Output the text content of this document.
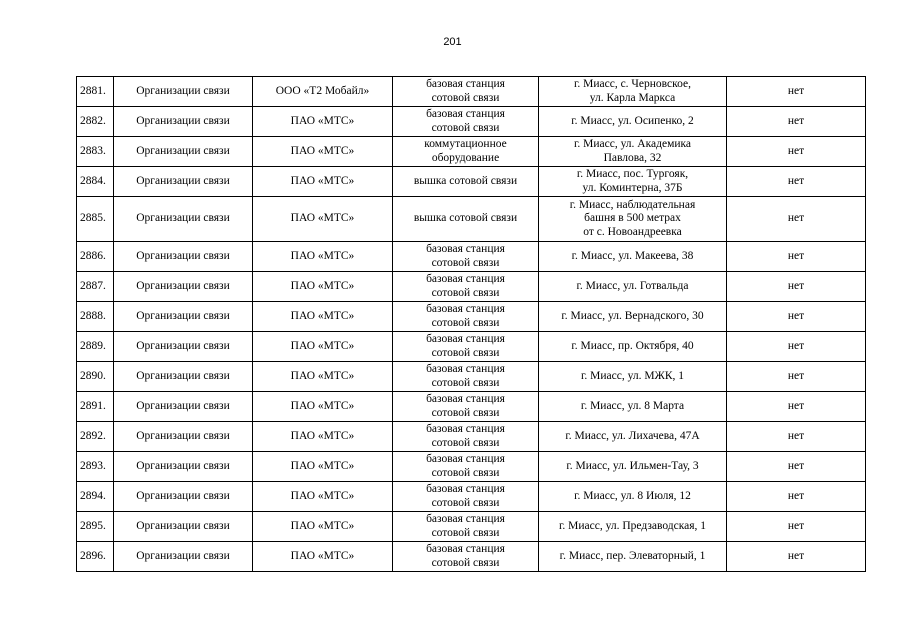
201
2881.	Организации связи	ООО «Т2 Мобайл»	базовая станция
сотовой связи	г. Миасс, с. Черновское,
ул. Карла Маркса	нет

2882.	Организации связи	ПАО «МТС»	базовая станция
сотовой связи	г. Миасс, ул. Осипенко, 2	нет

2883.	Организации связи	ПАО «МТС»	коммутационное
оборудование	г. Миасс, ул. Академика
Павлова, 32	нет

2884.	Организации связи	ПАО «МТС»	вышка сотовой связи	г. Миасс, пос. Тургояк,
ул. Коминтерна, 37Б	нет

2885.	Организации связи	ПАО «МТС»	вышка сотовой связи	г. Миасс, наблюдательная
башня в 500 метрах
от с. Новоандреевка	нет

2886.	Организации связи	ПАО «МТС»	базовая станция
сотовой связи	г. Миасс, ул. Макеева, 38	нет

2887.	Организации связи	ПАО «МТС»	базовая станция
сотовой связи	г. Миасс, ул. Готвальда	нет

2888.	Организации связи	ПАО «МТС»	базовая станция
сотовой связи	г. Миасс, ул. Вернадского, 30	нет

2889.	Организации связи	ПАО «МТС»	базовая станция
сотовой связи	г. Миасс, пр. Октября, 40	нет

2890.	Организации связи	ПАО «МТС»	базовая станция
сотовой связи	г. Миасс, ул. МЖК, 1	нет

2891.	Организации связи	ПАО «МТС»	базовая станция
сотовой связи	г. Миасс, ул. 8 Марта	нет

2892.	Организации связи	ПАО «МТС»	базовая станция
сотовой связи	г. Миасс, ул. Лихачева, 47А	нет

2893.	Организации связи	ПАО «МТС»	базовая станция
сотовой связи	г. Миасс, ул. Ильмен-Тау, 3	нет

2894.	Организации связи	ПАО «МТС»	базовая станция
сотовой связи	г. Миасс, ул. 8 Июля, 12	нет

2895.	Организации связи	ПАО «МТС»	базовая станция
сотовой связи	г. Миасс, ул. Предзаводская, 1	нет

2896.	Организации связи	ПАО «МТС»	базовая станция
сотовой связи	г. Миасс, пер. Элеваторный, 1	нет
